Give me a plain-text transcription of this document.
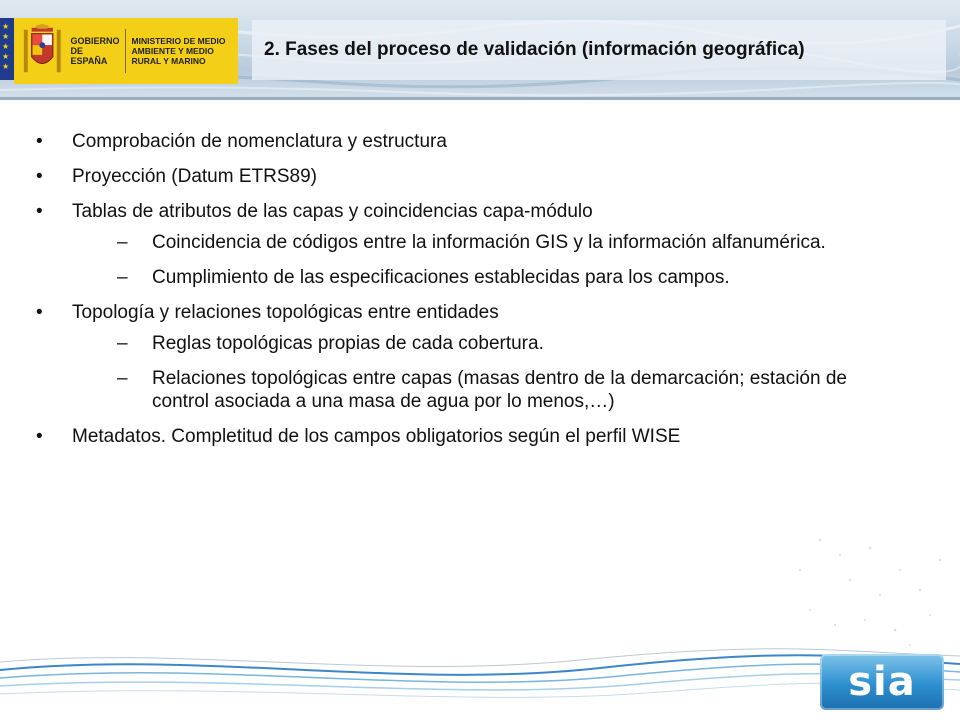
★
★
★
★
★
GOBIERNO DE ESPAÑA
MINISTERIO DE MEDIO AMBIENTE Y MEDIO RURAL Y MARINO
2. Fases del proceso de validación (información geográfica)
• Comprobación de nomenclatura y estructura
• Proyección (Datum ETRS89)
• Tablas de atributos de las capas y coincidencias capa-módulo
– Coincidencia de códigos entre la información GIS y la información alfanumérica.
– Cumplimiento de las especificaciones establecidas para los campos.
• Topología y relaciones topológicas entre entidades
– Reglas topológicas propias de cada cobertura.
– Relaciones topológicas entre capas (masas dentro de la demarcación; estación de control asociada a una masa de agua por lo menos,…)
• Metadatos. Completitud de los campos obligatorios según el perfil WISE
sia
